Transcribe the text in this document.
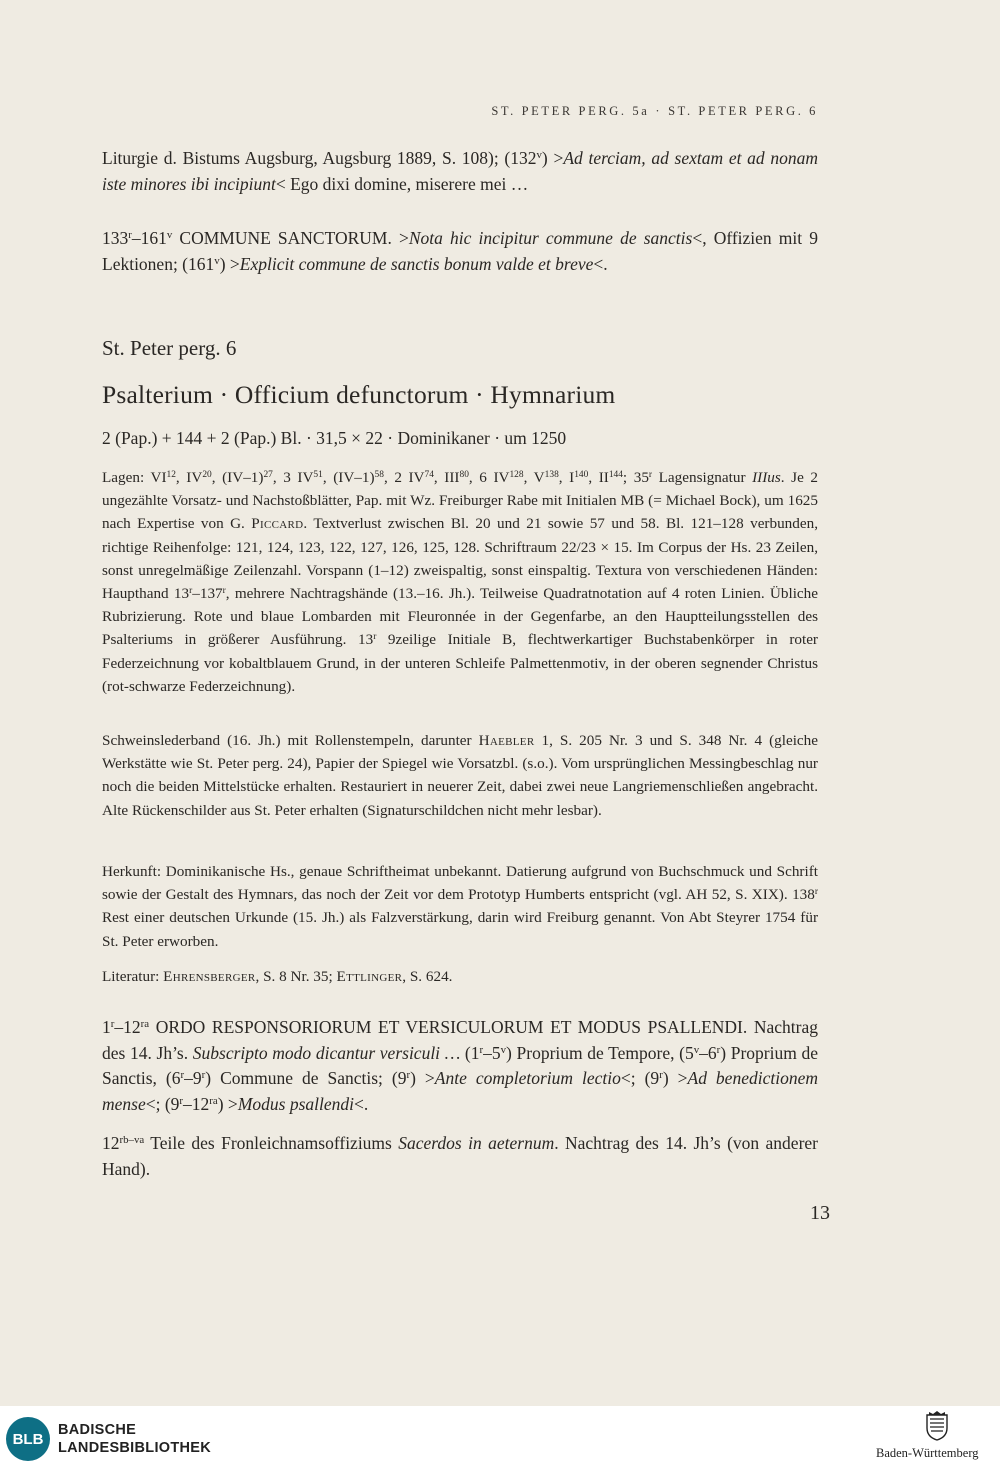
ST. PETER PERG. 5a · ST. PETER PERG. 6
Liturgie d. Bistums Augsburg, Augsburg 1889, S. 108); $(132^v) >Ad$ terciam, ad sextam et ad nonam iste minores ibi incipiunt< Ego dixi domine, miserere mei …
133$^r$–161$^v$ COMMUNE SANCTORUM. >Nota hic incipitur commune de sanctis<, Offizien mit 9 Lektionen; $(161^v)$ >Explicit commune de sanctis bonum valde et breve<.
St. Peter perg. 6
Psalterium · Officium defunctorum · Hymnarium
2 (Pap.) + 144 + 2 (Pap.) Bl. · 31,5 × 22 · Dominikaner · um 1250
Lagen: VI$^{12}$, IV$^{20}$, $(IV-1)^{27}$, 3 IV$^{51}$, $(IV-1)^{58}$, 2 IV$^{74}$, III$^{80}$, 6 IV$^{128}$, $V^{138}$, $I^{140}$, II$^{144}$; 35$^r$ Lagensignatur IIIus. Je 2 ungezählte Vorsatz- und Nachstoßblätter, Pap. mit Wz. Freiburger Rabe mit Initialen MB (= Michael Bock), um 1625 nach Expertise von G. Piccard. Textverlust zwischen Bl. 20 und 21 sowie 57 und 58. Bl. 121–128 verbunden, richtige Reihenfolge: 121, 124, 123, 122, 127, 126, 125, 128. Schriftraum 22/23 × 15. Im Corpus der Hs. 23 Zeilen, sonst unregelmäßige Zeilenzahl. Vorspann (1–12) zweispaltig, sonst einspaltig. Textura von verschiedenen Händen: Haupthand 13$^r$–137$^r$, mehrere Nachtragshände (13.–16. Jh.). Teilweise Quadratnotation auf 4 roten Linien. Übliche Rubrizierung. Rote und blaue Lombarden mit Fleuronnée in der Gegenfarbe, an den Hauptteilungsstellen des Psalteriums in größerer Ausführung. 13$^r$ 9zeilige Initiale B, flechtwerkartiger Buchstabenkörper in roter Federzeichnung vor kobaltblauem Grund, in der unteren Schleife Palmettenmotiv, in der oberen segnender Christus (rot-schwarze Federzeichnung).
Schweinslederband (16. Jh.) mit Rollenstempeln, darunter Haebler 1, S. 205 Nr. 3 und S. 348 Nr. 4 (gleiche Werkstätte wie St. Peter perg. 24), Papier der Spiegel wie Vorsatzbl. (s.o.). Vom ursprünglichen Messingbeschlag nur noch die beiden Mittelstücke erhalten. Restauriert in neuerer Zeit, dabei zwei neue Langriemenschließen angebracht. Alte Rückenschilder aus St. Peter erhalten (Signaturschildchen nicht mehr lesbar).
Herkunft: Dominikanische Hs., genaue Schriftheimat unbekannt. Datierung aufgrund von Buchschmuck und Schrift sowie der Gestalt des Hymnars, das noch der Zeit vor dem Prototyp Humberts entspricht (vgl. AH 52, S. XIX). 138$^r$ Rest einer deutschen Urkunde (15. Jh.) als Falzverstärkung, darin wird Freiburg genannt. Von Abt Steyrer 1754 für St. Peter erworben.
Literatur: Ehrensberger, S. 8 Nr. 35; Ettlinger, S. 624.
$1^r-12^{ra}$ ORDO RESPONSORIORUM ET VERSICULORUM ET MODUS PSALLENDI. Nachtrag des 14. Jh’s. Subscripto modo dicantur versiculi … (1$^r$–5$^v$) Proprium de Tempore, (5$^v$–6$^r$) Proprium de Sanctis, (6$^r$–9$^r$) Commune de Sanctis; $(9^r)$ >Ante completorium lectio<; $(9^r) >Ad$ benedictionem mense<; $(9^r-12^{ra})$ >Modus psallendi<.
$12^{rb-va}$ Teile des Fronleichnamsoffiziums Sacerdos in aeternum. Nachtrag des 14. Jh’s (von anderer Hand).
13
BLB
BADISCHE
LANDESBIBLIOTHEK	Baden-Württemberg
